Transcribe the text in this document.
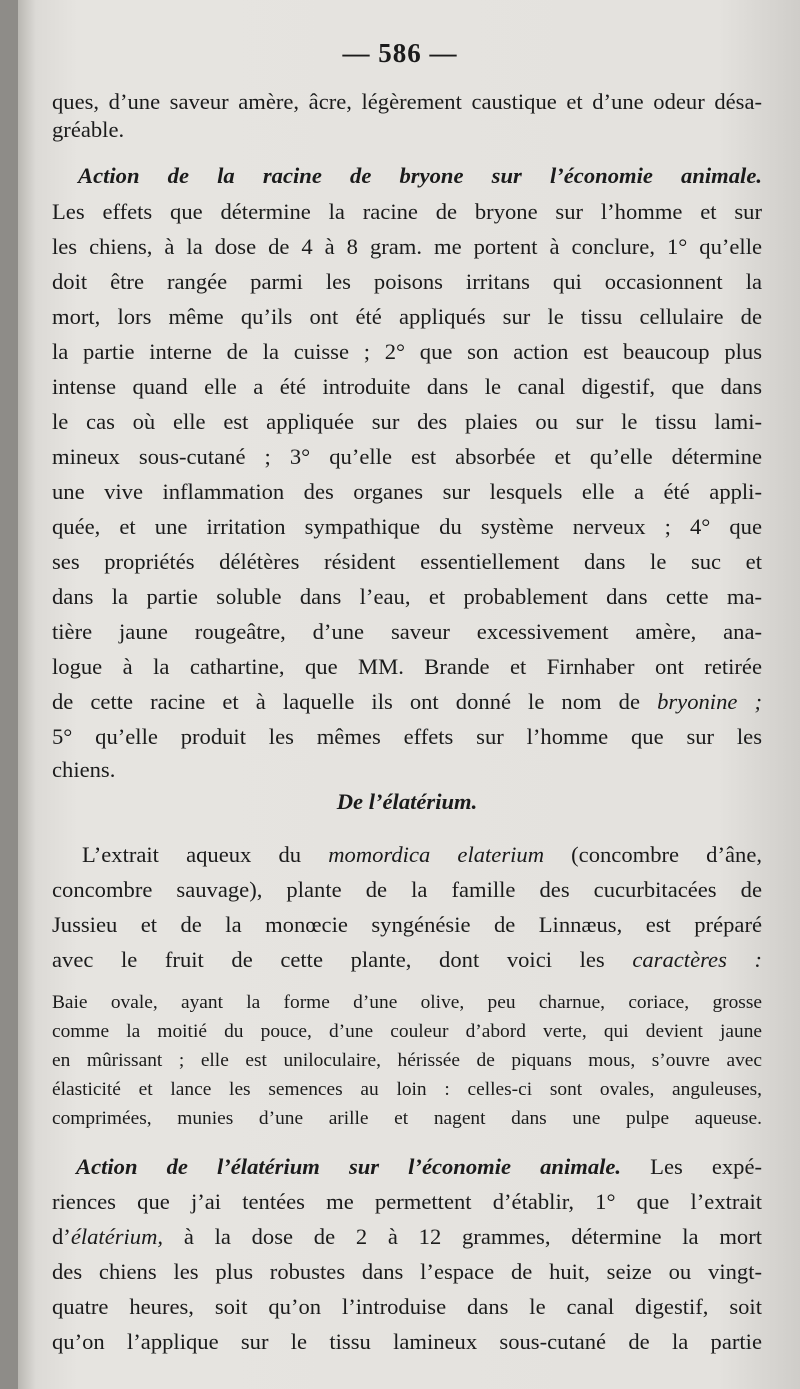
— 586 —
ques, d’une saveur amère, âcre, légèrement caustique et d’une odeur désa-
gréable.
Action de la racine de bryone sur l’économie animale.
Les effets que détermine la racine de bryone sur l’homme et sur
les chiens, à la dose de 4 à 8 gram. me portent à conclure, 1° qu’elle
doit être rangée parmi les poisons irritans qui occasionnent la
mort, lors même qu’ils ont été appliqués sur le tissu cellulaire de
la partie interne de la cuisse ; 2° que son action est beaucoup plus
intense quand elle a été introduite dans le canal digestif, que dans
le cas où elle est appliquée sur des plaies ou sur le tissu lami-
mineux sous-cutané ; 3° qu’elle est absorbée et qu’elle détermine
une vive inflammation des organes sur lesquels elle a été appli-
quée, et une irritation sympathique du système nerveux ; 4° que
ses propriétés délétères résident essentiellement dans le suc et
dans la partie soluble dans l’eau, et probablement dans cette ma-
tière jaune rougeâtre, d’une saveur excessivement amère, ana-
logue à la cathartine, que MM. Brande et Firnhaber ont retirée
de cette racine et à laquelle ils ont donné le nom de bryonine ;
5° qu’elle produit les mêmes effets sur l’homme que sur les
chiens.
De l’élatérium.
L’extrait aqueux du momordica elaterium (concombre d’âne,
concombre sauvage), plante de la famille des cucurbitacées de
Jussieu et de la monœcie syngénésie de Linnæus, est préparé
avec le fruit de cette plante, dont voici les caractères :
Baie ovale, ayant la forme d’une olive, peu charnue, coriace, grosse
comme la moitié du pouce, d’une couleur d’abord verte, qui devient jaune
en mûrissant ; elle est uniloculaire, hérissée de piquans mous, s’ouvre avec
élasticité et lance les semences au loin : celles-ci sont ovales, anguleuses,
comprimées, munies d’une arille et nagent dans une pulpe aqueuse.
Action de l’élatérium sur l’économie animale. Les expé-
riences que j’ai tentées me permettent d’établir, 1° que l’extrait
d’élatérium, à la dose de 2 à 12 grammes, détermine la mort
des chiens les plus robustes dans l’espace de huit, seize ou vingt-
quatre heures, soit qu’on l’introduise dans le canal digestif, soit
qu’on l’applique sur le tissu lamineux sous-cutané de la partie
